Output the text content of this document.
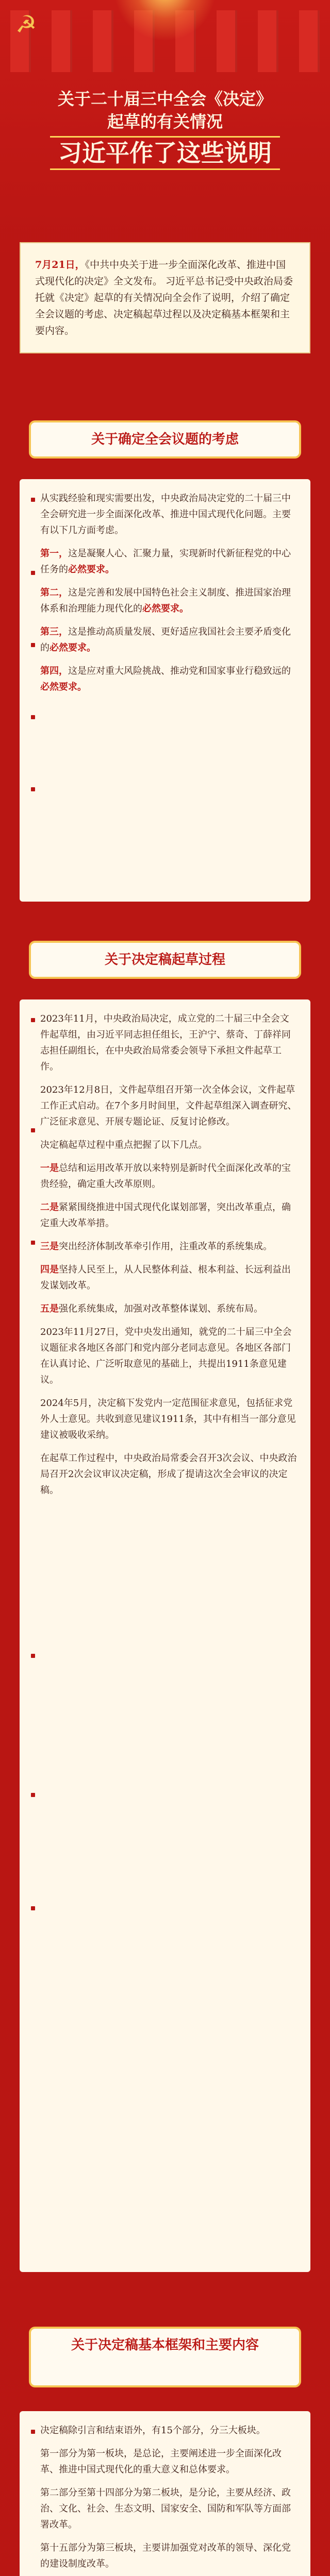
☭
关于二十届三中全会《决定》
起草的有关情况
习近平作了这些说明
7月21日，《中共中央关于进一步全面深化改革、推进中国式现代化的决定》全文发布。 习近平总书记受中央政治局委托就《决定》起草的有关情况向全会作了说明，介绍了确定全会议题的考虑、决定稿起草过程以及决定稿基本框架和主要内容。
关于确定全会议题的考虑

从实践经验和现实需要出发，中央政治局决定党的二十届三中全会研究进一步全面深化改革、推进中国式现代化问题。主要有以下几方面考虑。

第一，这是凝聚人心、汇聚力量，实现新时代新征程党的中心任务的必然要求。

第二，这是完善和发展中国特色社会主义制度、推进国家治理体系和治理能力现代化的必然要求。

第三，这是推动高质量发展、更好适应我国社会主要矛盾变化的必然要求。

第四，这是应对重大风险挑战、推动党和国家事业行稳致远的必然要求。

关于决定稿起草过程

2023年11月，中央政治局决定，成立党的二十届三中全会文件起草组，由习近平同志担任组长，王沪宁、蔡奇、丁薛祥同志担任副组长，在中央政治局常委会领导下承担文件起草工作。

2023年12月8日，文件起草组召开第一次全体会议，文件起草工作正式启动。在7个多月时间里，文件起草组深入调查研究、广泛征求意见、开展专题论证、反复讨论修改。

决定稿起草过程中重点把握了以下几点。

一是总结和运用改革开放以来特别是新时代全面深化改革的宝贵经验，确定重大改革原则。

二是紧紧围绕推进中国式现代化谋划部署，突出改革重点，确定重大改革举措。

三是突出经济体制改革牵引作用，注重改革的系统集成。

四是坚持人民至上，从人民整体利益、根本利益、长远利益出发谋划改革。

五是强化系统集成，加强对改革整体谋划、系统布局。

2023年11月27日，党中央发出通知，就党的二十届三中全会议题征求各地区各部门和党内部分老同志意见。各地区各部门在认真讨论、广泛听取意见的基础上，共提出1911条意见建议。

2024年5月，决定稿下发党内一定范围征求意见，包括征求党外人士意见。共收到意见建议1911条，其中有相当一部分意见建议被吸收采纳。

在起草工作过程中，中央政治局常委会召开3次会议、中央政治局召开2次会议审议决定稿，形成了提请这次全会审议的决定稿。

关于决定稿基本框架和主要内容

决定稿除引言和结束语外，有15个部分，分三大板块。

第一部分为第一板块，是总论，主要阐述进一步全面深化改革、推进中国式现代化的重大意义和总体要求。

第二部分至第十四部分为第二板块，是分论，主要从经济、政治、文化、社会、生态文明、国家安全、国防和军队等方面部署改革。

第十五部分为第三板块，主要讲加强党对改革的领导、深化党的建设制度改革。
